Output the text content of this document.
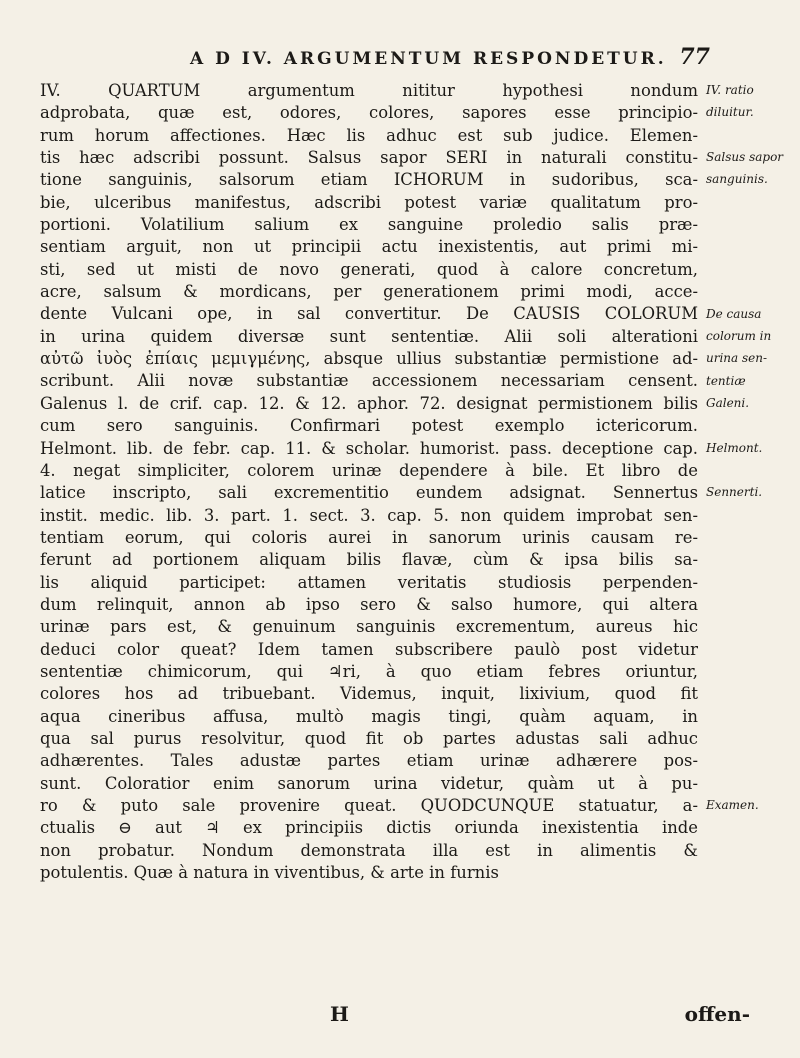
A D IV. ARGUMENTUM RESPONDETUR. 77
IV. QUARTUM argumentum nititur hypothesi nondum
adprobata, quæ est, odores, colores, sapores esse principio-
rum horum affectiones. Hæc lis adhuc est sub judice. Elemen-
tis hæc adscribi possunt. Salsus sapor SERI in naturali constitu-
tione sanguinis, salsorum etiam ICHORUM in sudoribus, sca-
bie, ulceribus manifestus, adscribi potest variæ qualitatum pro-
portioni. Volatilium salium ex sanguine proledio salis præ-
sentiam arguit, non ut principii actu inexistentis, aut primi mi-
sti, sed ut misti de novo generati, quod à calore concretum,
acre, salsum & mordicans, per generationem primi modi, acce-
dente Vulcani ope, in sal convertitur. De CAUSIS COLORUM
in urina quidem diversæ sunt sententiæ. Alii soli alterationi
αὐτῶ ἰυὸς ἐπίαις μεμιγμένης, absque ullius substantiæ permistione ad-
scribunt. Alii novæ substantiæ accessionem necessariam censent.
Galenus l. de crif. cap. 12. & 12. aphor. 72. designat permistionem bilis
cum sero sanguinis. Confirmari potest exemplo ictericorum.
Helmont. lib. de febr. cap. 11. & scholar. humorist. pass. deceptione cap.
4. negat simpliciter, colorem urinæ dependere à bile. Et libro de
latice inscripto, sali excrementitio eundem adsignat. Sennertus
instit. medic. lib. 3. part. 1. sect. 3. cap. 5. non quidem improbat sen-
tentiam eorum, qui coloris aurei in sanorum urinis causam re-
ferunt ad portionem aliquam bilis flavæ, cùm & ipsa bilis sa-
lis aliquid participet: attamen veritatis studiosis perpenden-
dum relinquit, annon ab ipso sero & salso humore, qui altera
urinæ pars est, & genuinum sanguinis excrementum, aureus hic
deduci color queat? Idem tamen subscribere paulò post videtur
sententiæ chimicorum, qui ♃ri, à quo etiam febres oriuntur,
colores hos ad tribuebant. Videmus, inquit, lixivium, quod fit
aqua cineribus affusa, multò magis tingi, quàm aquam, in
qua sal purus resolvitur, quod fit ob partes adustas sali adhuc
adhærentes. Tales adustæ partes etiam urinæ adhærere pos-
sunt. Coloratior enim sanorum urina videtur, quàm ut à pu-
ro & puto sale provenire queat. QUODCUNQUE statuatur, a-
ctualis ⊖ aut ♃ ex principiis dictis oriunda inexistentia inde
non probatur. Nondum demonstrata illa est in alimentis &
potulentis. Quæ à natura in viventibus, & arte in furnis
IV. ratio
diluitur.
Salsus sapor
sanguinis.
De causa
colorum in
urina sen-
tentiæ
Galeni.
Helmont.
Sennerti.
Examen.
H	offen-
